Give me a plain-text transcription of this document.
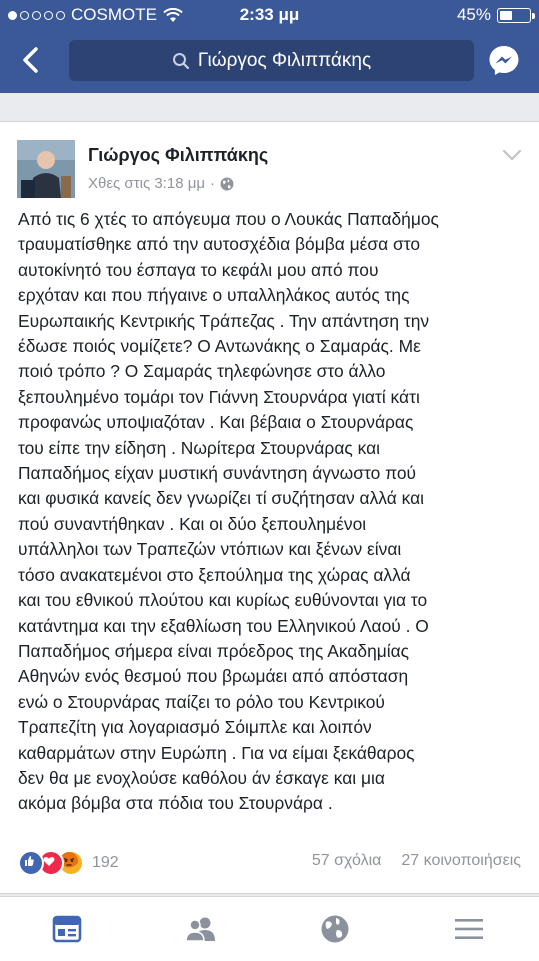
COSMOTE	2:33 μμ	45%
Γιώργος Φιλιππάκης
Γιώργος Φιλιππάκης
Χθες στις 3:18 μμ ·
Από τις 6 χτές το απόγευμα που ο Λουκάς Παπαδήμος
τραυματίσθηκε από την αυτοσχέδια βόμβα μέσα στο
αυτοκίνητό του έσπαγα το κεφάλι μου από που
ερχόταν και που πήγαινε ο υπαλληλάκος αυτός της
Ευρωπαικής Κεντρικής Τράπεζας . Την απάντηση την
έδωσε ποιός νομίζετε? Ο Αντωνάκης ο Σαμαράς. Με
ποιό τρόπο ? Ο Σαμαράς τηλεφώνησε στο άλλο
ξεπουλημένο τομάρι τον Γιάννη Στουρνάρα γιατί κάτι
προφανώς υποψιαζόταν . Και βέβαια ο Στουρνάρας
του είπε την είδηση . Νωρίτερα Στουρνάρας και
Παπαδήμος είχαν μυστική συνάντηση άγνωστο πού
και φυσικά κανείς δεν γνωρίζει τί συζήτησαν αλλά και
πού συναντήθηκαν . Και οι δύο ξεπουλημένοι
υπάλληλοι των Τραπεζών ντόπιων και ξένων είναι
τόσο ανακατεμένοι στο ξεπούλημα της χώρας αλλά
και του εθνικού πλούτου και κυρίως ευθύνονται για το
κατάντημα και την εξαθλίωση του Ελληνικού Λαού . Ο
Παπαδήμος σήμερα είναι πρόεδρος της Ακαδημίας
Αθηνών ενός θεσμού που βρωμάει από απόσταση
ενώ ο Στουρνάρας παίζει το ρόλο του Κεντρικού
Τραπεζίτη για λογαριασμό Σόιμπλε και λοιπόν
καθαρμάτων στην Ευρώπη . Για να είμαι ξεκάθαρος
δεν θα με ενοχλούσε καθόλου άν έσκαγε και μια
ακόμα βόμβα στα πόδια του Στουρνάρα .
192	57 σχόλια 27 κοινοποιήσεις
